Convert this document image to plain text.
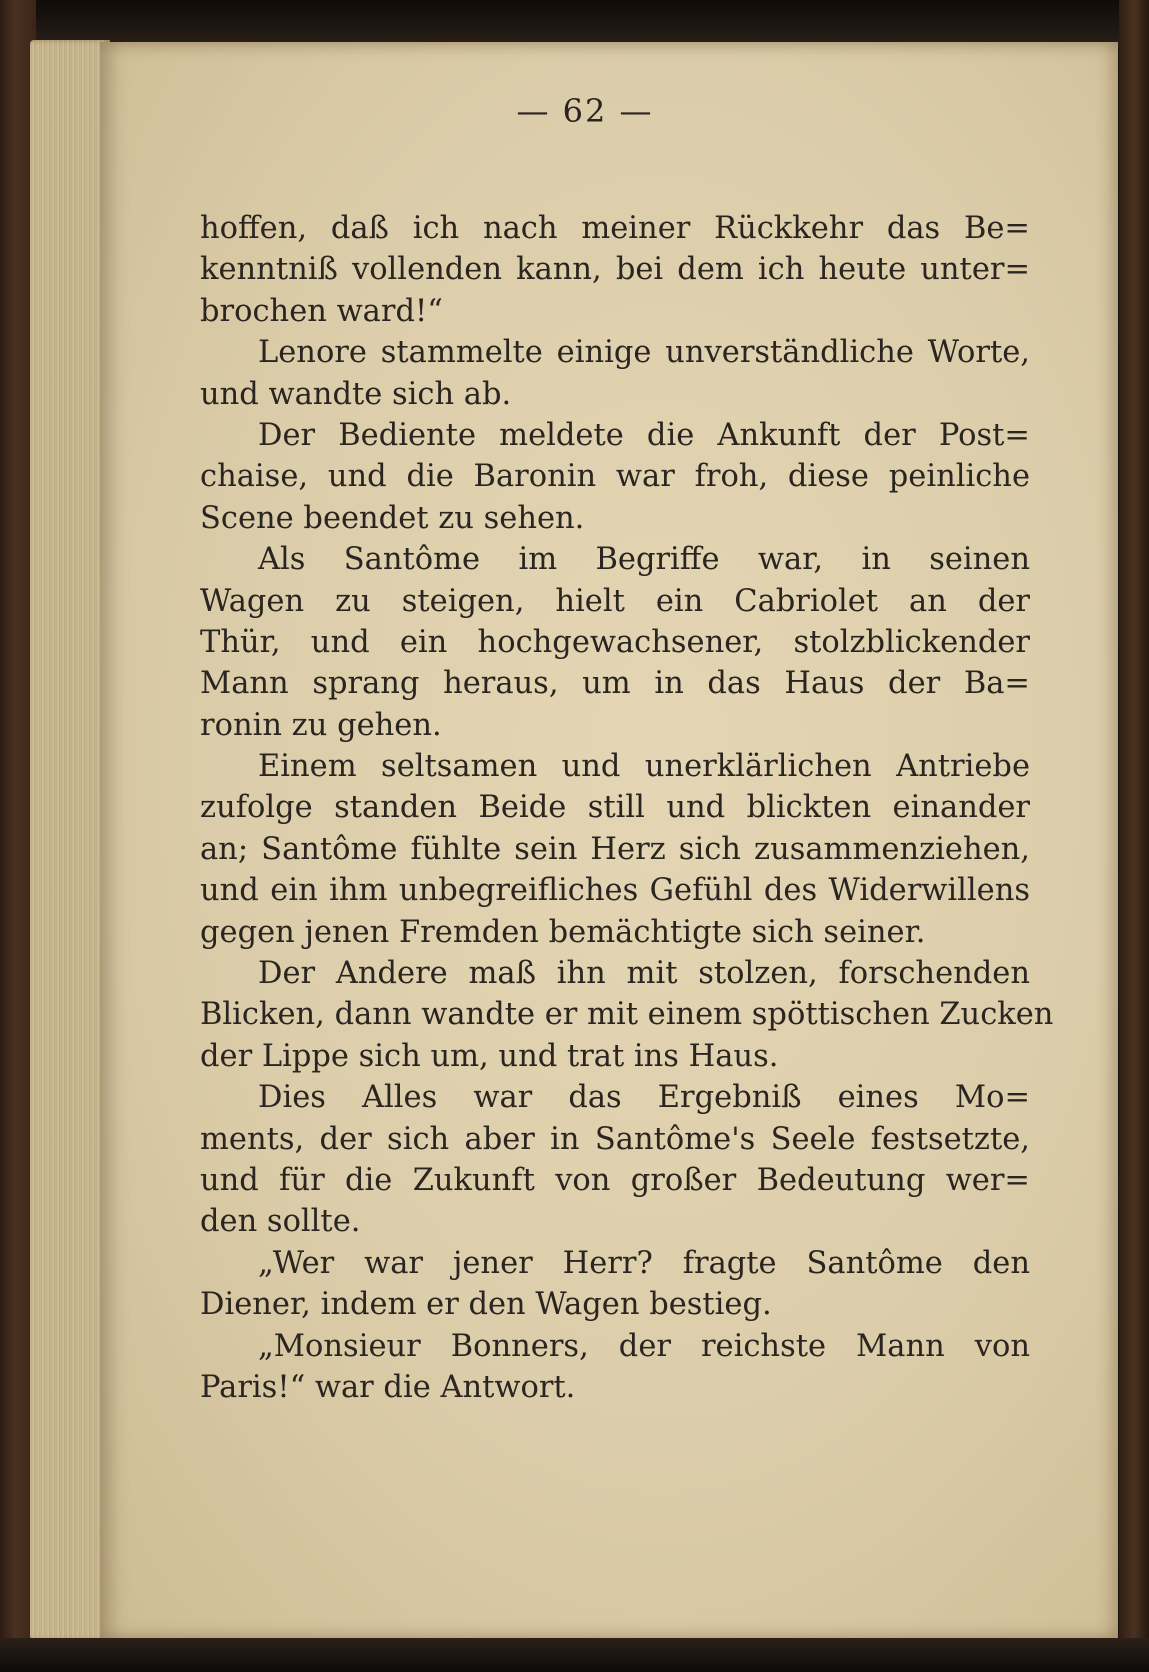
— 62 —
hoffen, daß ich nach meiner Rückkehr das Be=
kenntniß vollenden kann, bei dem ich heute unter=
brochen ward!“
Lenore stammelte einige unverständliche Worte,
und wandte sich ab.
Der Bediente meldete die Ankunft der Post=
chaise, und die Baronin war froh, diese peinliche
Scene beendet zu sehen.
Als Santôme im Begriffe war, in seinen
Wagen zu steigen, hielt ein Cabriolet an der
Thür, und ein hochgewachsener, stolzblickender
Mann sprang heraus, um in das Haus der Ba=
ronin zu gehen.
Einem seltsamen und unerklärlichen Antriebe
zufolge standen Beide still und blickten einander
an; Santôme fühlte sein Herz sich zusammenziehen,
und ein ihm unbegreifliches Gefühl des Widerwillens
gegen jenen Fremden bemächtigte sich seiner.
Der Andere maß ihn mit stolzen, forschenden
Blicken, dann wandte er mit einem spöttischen Zucken
der Lippe sich um, und trat ins Haus.
Dies Alles war das Ergebniß eines Mo=
ments, der sich aber in Santôme's Seele festsetzte,
und für die Zukunft von großer Bedeutung wer=
den sollte.
„Wer war jener Herr? fragte Santôme den
Diener, indem er den Wagen bestieg.
„Monsieur Bonners, der reichste Mann von
Paris!“ war die Antwort.
